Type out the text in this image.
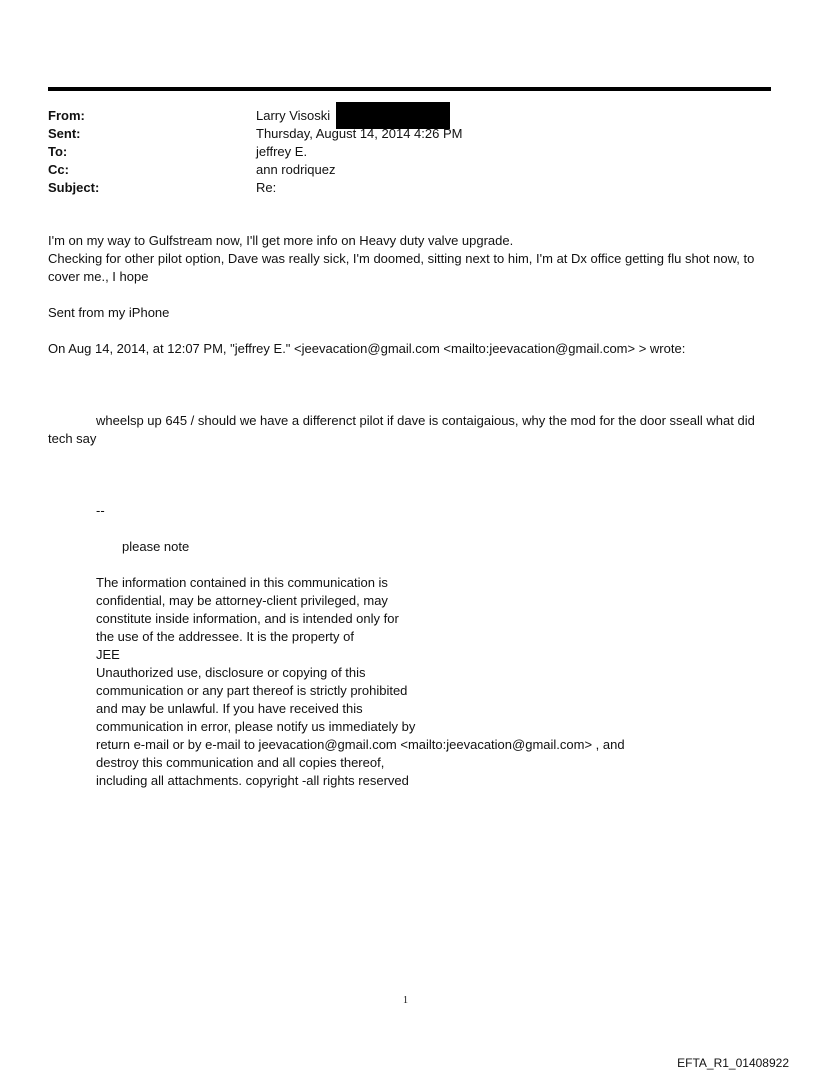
From:	Larry Visoski
Sent:	Thursday, August 14, 2014 4:26 PM
To:	jeffrey E.
Cc:	ann rodriquez
Subject:	Re:

I'm on my way to Gulfstream now, I'll get more info on Heavy duty valve upgrade.

Checking for other pilot option, Dave was really sick, I'm doomed, sitting next to him, I'm at Dx office getting flu shot now, to cover me., I hope

Sent from my iPhone

On Aug 14, 2014, at 12:07 PM, "jeffrey E." <jeevacation@gmail.com <mailto:jeevacation@gmail.com> > wrote:

wheelsp up 645 / should we have a differenct pilot if dave is contaigaious, why the mod for the door sseall what did tech say

--

please note

The information contained in this communication is

confidential, may be attorney-client privileged, may

constitute inside information, and is intended only for

the use of the addressee. It is the property of

JEE

Unauthorized use, disclosure or copying of this

communication or any part thereof is strictly prohibited

and may be unlawful. If you have received this

communication in error, please notify us immediately by

return e-mail or by e-mail to jeevacation@gmail.com <mailto:jeevacation@gmail.com> , and

destroy this communication and all copies thereof,

including all attachments. copyright -all rights reserved

1
EFTA_R1_01408922
